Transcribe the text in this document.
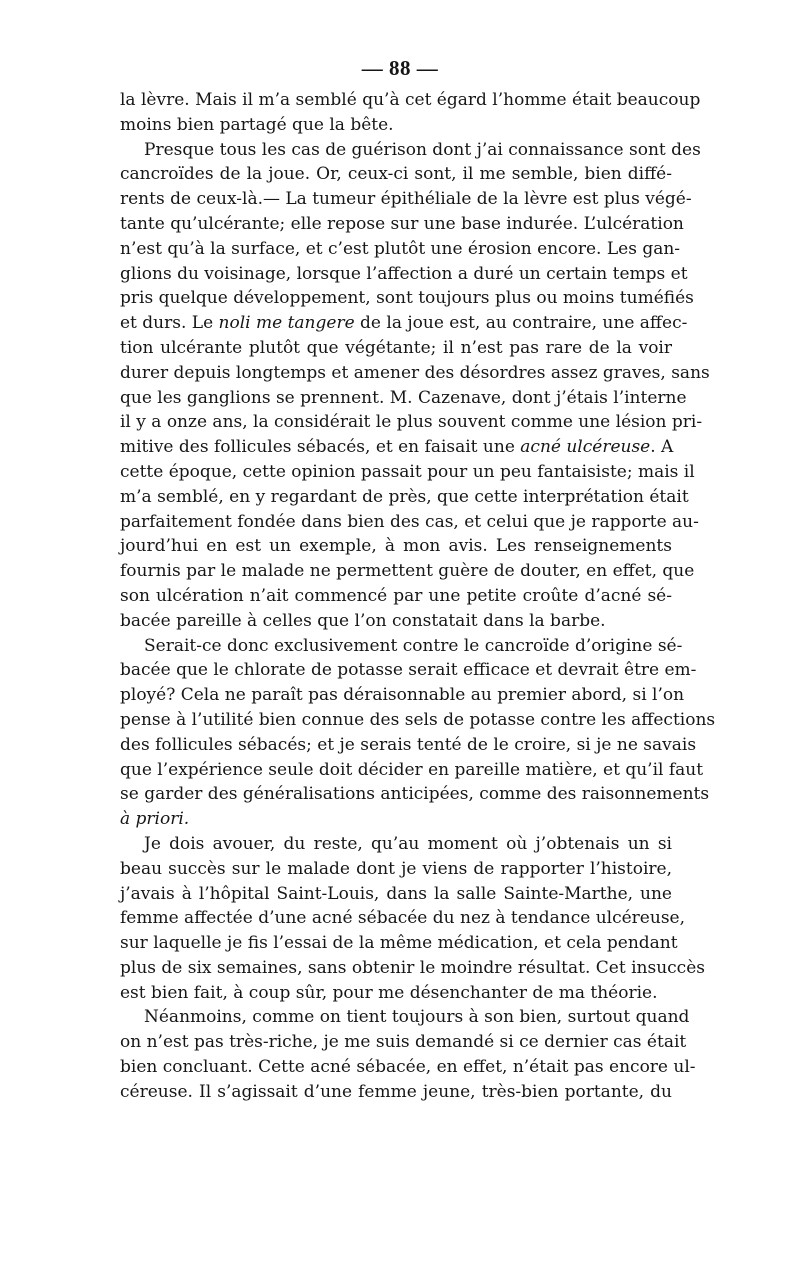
— 88 —

la lèvre. Mais il m’a semblé qu’à cet égard l’homme était beaucoup
moins bien partagé que la bête.

Presque tous les cas de guérison dont j’ai connaissance sont des
cancroïdes de la joue. Or, ceux-ci sont, il me semble, bien diffé-
rents de ceux-là.— La tumeur épithéliale de la lèvre est plus végé-
tante qu’ulcérante; elle repose sur une base indurée. L’ulcération
n’est qu’à la surface, et c’est plutôt une érosion encore. Les gan-
glions du voisinage, lorsque l’affection a duré un certain temps et
pris quelque développement, sont toujours plus ou moins tuméfiés
et durs. Le noli me tangere de la joue est, au contraire, une affec-
tion ulcérante plutôt que végétante; il n’est pas rare de la voir
durer depuis longtemps et amener des désordres assez graves, sans
que les ganglions se prennent. M. Cazenave, dont j’étais l’interne
il y a onze ans, la considérait le plus souvent comme une lésion pri-
mitive des follicules sébacés, et en faisait une acné ulcéreuse. A
cette époque, cette opinion passait pour un peu fantaisiste; mais il
m’a semblé, en y regardant de près, que cette interprétation était
parfaitement fondée dans bien des cas, et celui que je rapporte au-
jourd’hui en est un exemple, à mon avis. Les renseignements
fournis par le malade ne permettent guère de douter, en effet, que
son ulcération n’ait commencé par une petite croûte d’acné sé-
bacée pareille à celles que l’on constatait dans la barbe.

Serait-ce donc exclusivement contre le cancroïde d’origine sé-
bacée que le chlorate de potasse serait efficace et devrait être em-
ployé? Cela ne paraît pas déraisonnable au premier abord, si l’on
pense à l’utilité bien connue des sels de potasse contre les affections
des follicules sébacés; et je serais tenté de le croire, si je ne savais
que l’expérience seule doit décider en pareille matière, et qu’il faut
se garder des généralisations anticipées, comme des raisonnements
à priori.

Je dois avouer, du reste, qu’au moment où j’obtenais un si
beau succès sur le malade dont je viens de rapporter l’histoire,
j’avais à l’hôpital Saint-Louis, dans la salle Sainte-Marthe, une
femme affectée d’une acné sébacée du nez à tendance ulcéreuse,
sur laquelle je fis l’essai de la même médication, et cela pendant
plus de six semaines, sans obtenir le moindre résultat. Cet insuccès
est bien fait, à coup sûr, pour me désenchanter de ma théorie.

Néanmoins, comme on tient toujours à son bien, surtout quand
on n’est pas très-riche, je me suis demandé si ce dernier cas était
bien concluant. Cette acné sébacée, en effet, n’était pas encore ul-
céreuse. Il s’agissait d’une femme jeune, très-bien portante, du
